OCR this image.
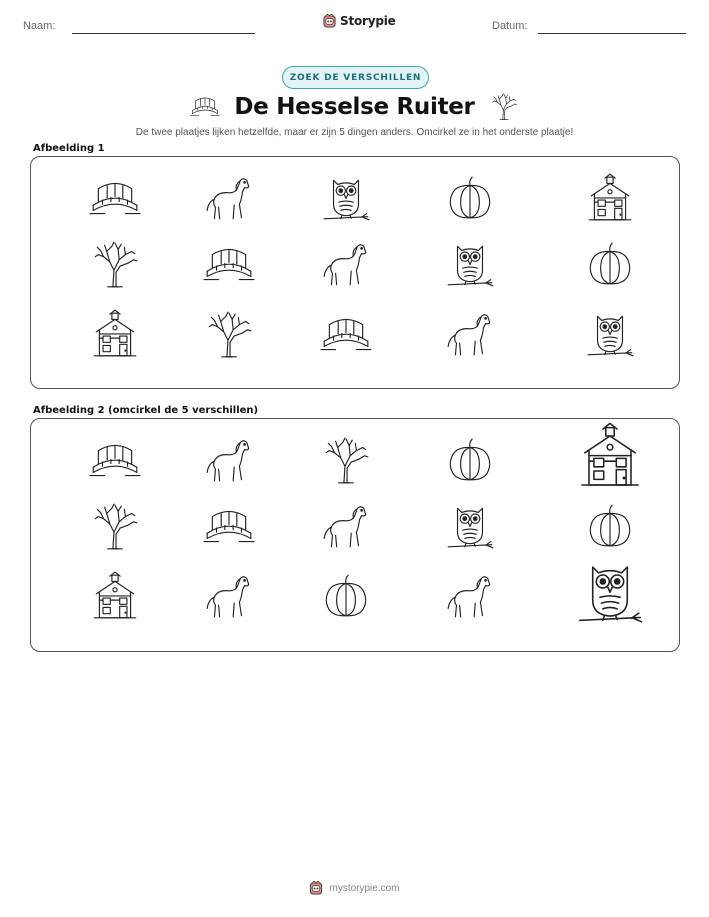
Naam:	Storypie	Datum:
ZOEK DE VERSCHILLEN
De Hesselse Ruiter

De twee plaatjes lijken hetzelfde, maar er zijn 5 dingen anders. Omcirkel ze in het onderste plaatje!

Afbeelding 1
Afbeelding 2 (omcirkel de 5 verschillen)
mystorypie.com
